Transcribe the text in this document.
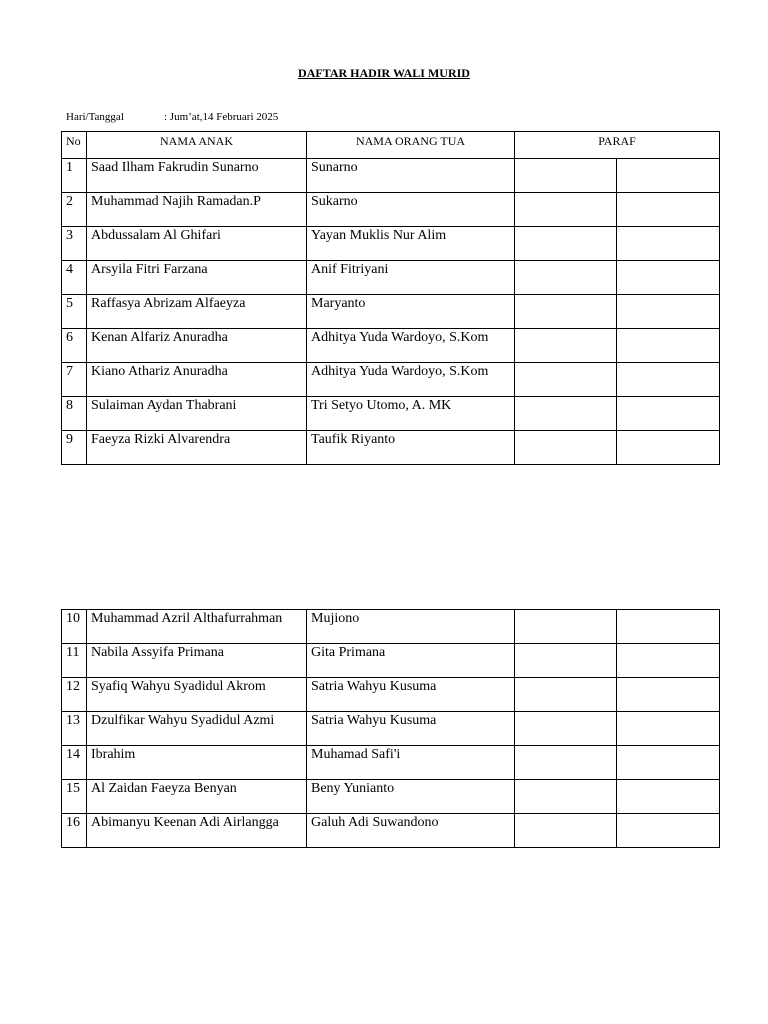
DAFTAR HADIR WALI MURID
Hari/Tanggal	: Jum’at,14 Februari 2025
No	NAMA ANAK	NAMA ORANG TUA	PARAF	
1	Saad Ilham Fakrudin Sunarno	Sunarno		
2	Muhammad Najih Ramadan.P	Sukarno		
3	Abdussalam Al Ghifari	Yayan Muklis Nur Alim		
4	Arsyila Fitri Farzana	Anif Fitriyani		
5	Raffasya Abrizam Alfaeyza	Maryanto		
6	Kenan Alfariz Anuradha	Adhitya Yuda Wardoyo, S.Kom		
7	Kiano Athariz Anuradha	Adhitya Yuda Wardoyo, S.Kom		
8	Sulaiman Aydan Thabrani	Tri Setyo Utomo, A. MK		
9	Faeyza Rizki Alvarendra	Taufik Riyanto		
10	Muhammad Azril Althafurrahman	Mujiono		
11	Nabila Assyifa Primana	Gita Primana		
12	Syafiq Wahyu Syadidul Akrom	Satria Wahyu Kusuma		
13	Dzulfikar Wahyu Syadidul Azmi	Satria Wahyu Kusuma		
14	Ibrahim	Muhamad Safi'i		
15	Al Zaidan Faeyza Benyan	Beny Yunianto		
16	Abimanyu Keenan Adi Airlangga	Galuh Adi Suwandono		
